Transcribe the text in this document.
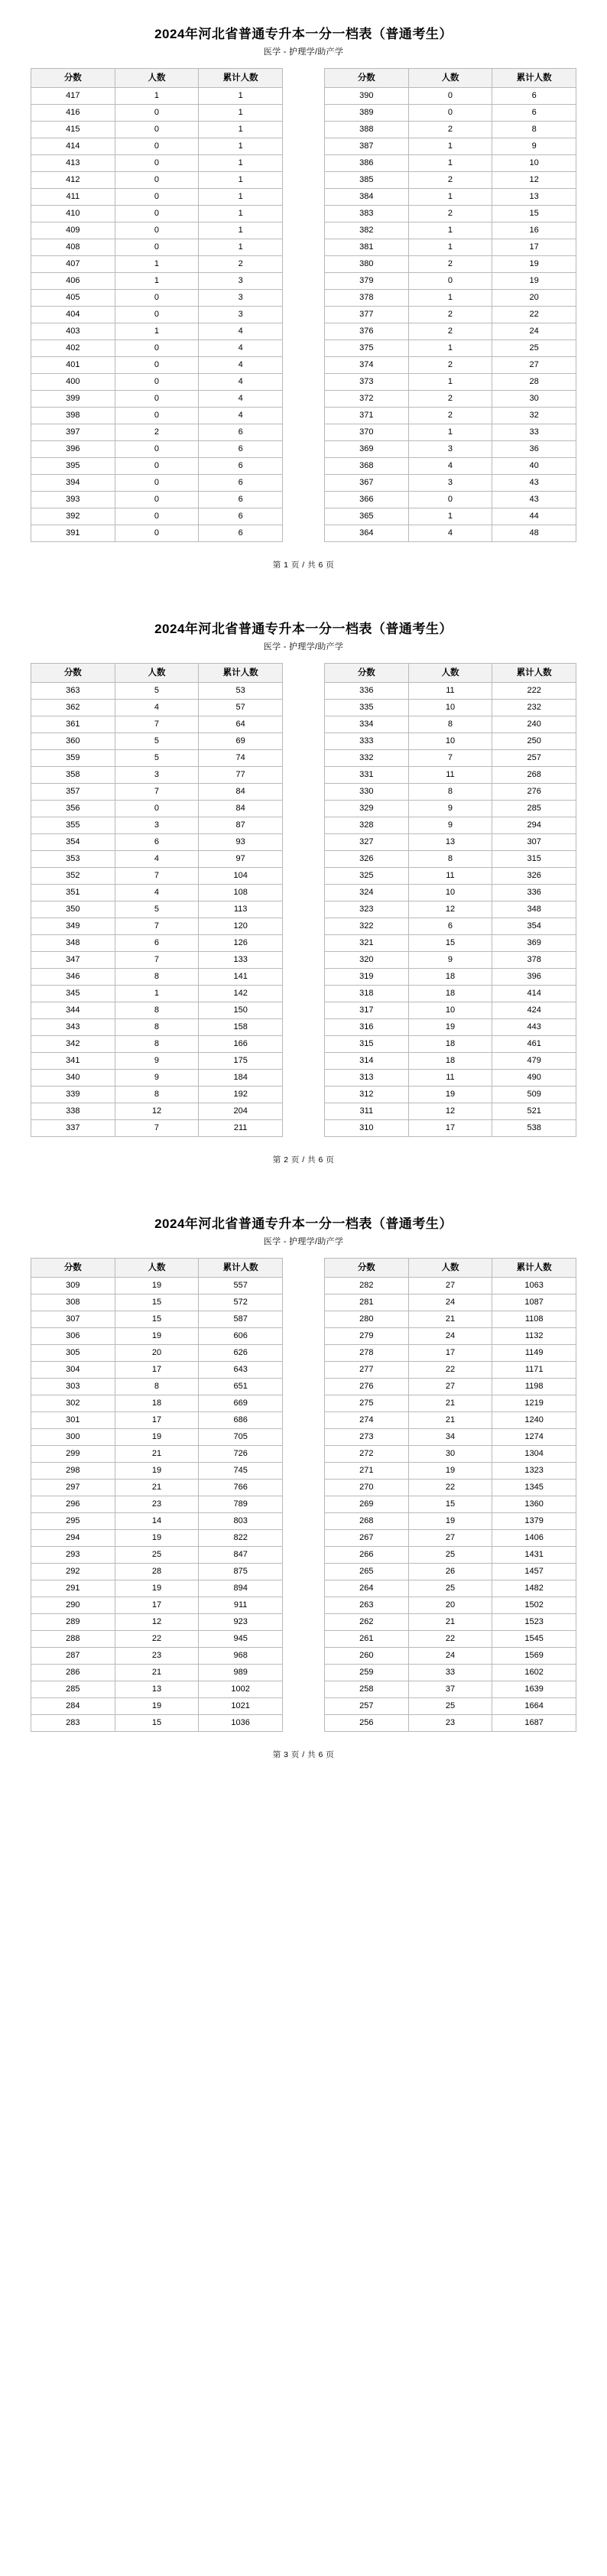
2024年河北省普通专升本一分一档表（普通考生）
医学 - 护理学/助产学
分数	人数	累计人数
417	1	1
416	0	1
415	0	1
414	0	1
413	0	1
412	0	1
411	0	1
410	0	1
409	0	1
408	0	1
407	1	2
406	1	3
405	0	3
404	0	3
403	1	4
402	0	4
401	0	4
400	0	4
399	0	4
398	0	4
397	2	6
396	0	6
395	0	6
394	0	6
393	0	6
392	0	6
391	0	6
分数	人数	累计人数
390	0	6
389	0	6
388	2	8
387	1	9
386	1	10
385	2	12
384	1	13
383	2	15
382	1	16
381	1	17
380	2	19
379	0	19
378	1	20
377	2	22
376	2	24
375	1	25
374	2	27
373	1	28
372	2	30
371	2	32
370	1	33
369	3	36
368	4	40
367	3	43
366	0	43
365	1	44
364	4	48
第 1 页 / 共 6 页
2024年河北省普通专升本一分一档表（普通考生）
医学 - 护理学/助产学
分数	人数	累计人数
363	5	53
362	4	57
361	7	64
360	5	69
359	5	74
358	3	77
357	7	84
356	0	84
355	3	87
354	6	93
353	4	97
352	7	104
351	4	108
350	5	113
349	7	120
348	6	126
347	7	133
346	8	141
345	1	142
344	8	150
343	8	158
342	8	166
341	9	175
340	9	184
339	8	192
338	12	204
337	7	211
分数	人数	累计人数
336	11	222
335	10	232
334	8	240
333	10	250
332	7	257
331	11	268
330	8	276
329	9	285
328	9	294
327	13	307
326	8	315
325	11	326
324	10	336
323	12	348
322	6	354
321	15	369
320	9	378
319	18	396
318	18	414
317	10	424
316	19	443
315	18	461
314	18	479
313	11	490
312	19	509
311	12	521
310	17	538
第 2 页 / 共 6 页
2024年河北省普通专升本一分一档表（普通考生）
医学 - 护理学/助产学
分数	人数	累计人数
309	19	557
308	15	572
307	15	587
306	19	606
305	20	626
304	17	643
303	8	651
302	18	669
301	17	686
300	19	705
299	21	726
298	19	745
297	21	766
296	23	789
295	14	803
294	19	822
293	25	847
292	28	875
291	19	894
290	17	911
289	12	923
288	22	945
287	23	968
286	21	989
285	13	1002
284	19	1021
283	15	1036
分数	人数	累计人数
282	27	1063
281	24	1087
280	21	1108
279	24	1132
278	17	1149
277	22	1171
276	27	1198
275	21	1219
274	21	1240
273	34	1274
272	30	1304
271	19	1323
270	22	1345
269	15	1360
268	19	1379
267	27	1406
266	25	1431
265	26	1457
264	25	1482
263	20	1502
262	21	1523
261	22	1545
260	24	1569
259	33	1602
258	37	1639
257	25	1664
256	23	1687
第 3 页 / 共 6 页
